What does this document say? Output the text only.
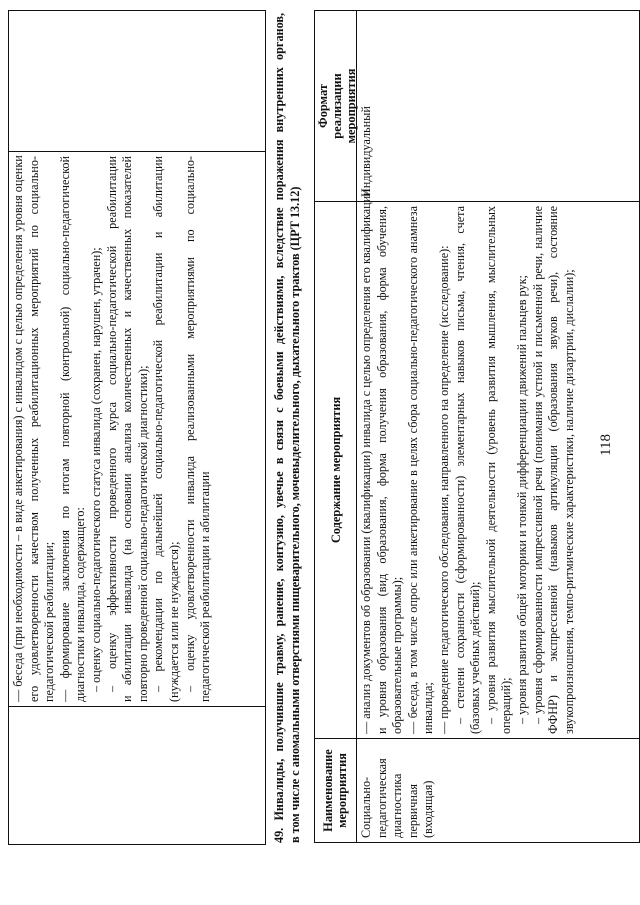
118
— беседа (при необходимости – в виде анкетирования) с инвалидом с целью определения уровня оценки его удовлетворенности качеством полученных реабилитационных мероприятий по социально- педагогической реабилитации; — формирование заключения по итогам повторной (контрольной) социально-педагогической диагностики инвалида, содержащего: – оценку социально-педагогического статуса инвалида (сохранен, нарушен, утрачен); – оценку эффективности проведенного курса социально-педагогической реабилитации и абилитации инвалида (на основании анализа количественных и качественных показателей повторно проведенной социально-педагогической диагностики); – рекомендации по дальнейшей социально-педагогической реабилитации и абилитации (нуждается или не нуждается); – оценку удовлетворенности инвалида реализованными мероприятиями по социально- педагогической реабилитации и абилитации	49. Инвалиды, получившие травму, ранение, контузию, увечье в связи с боевыми действиями, вследствие поражения внутренних органов, в том числе с аномальными отверстиями пищеварительного, мочевыделительного, дыхательного трактов (ЦРТ 13.12) Наименование мероприятия
Содержание мероприятия
Формат реализации мероприятия
Социально- педагогическая диагностика первичная (входящая)
— анализ документов об образовании (квалификации) инвалида с целью определения его квалификации и уровня образования (вид образования, форма получения образования, форма обучения, образовательные программы); — беседа, в том числе опрос или анкетирование в целях сбора социально-педагогического анамнеза инвалида; — проведение педагогического обследования, направленного на определение (исследование): – степени сохранности (сформированности) элементарных навыков письма, чтения, счета (базовых учебных действий); – уровня развития мыслительной деятельности (уровень развития мышления, мыслительных операций); – уровня развития общей моторики и тонкой дифференциации движений пальцев рук; – уровня сформированности импрессивной речи (понимания устной и письменной речи, наличие ФФНР) и экспрессивной (навыков артикуляции (образования звуков речи), состояние звукопроизношения, темпо-ритмические характеристики, наличие дизартрии, дислалии);
Индивидуальный
